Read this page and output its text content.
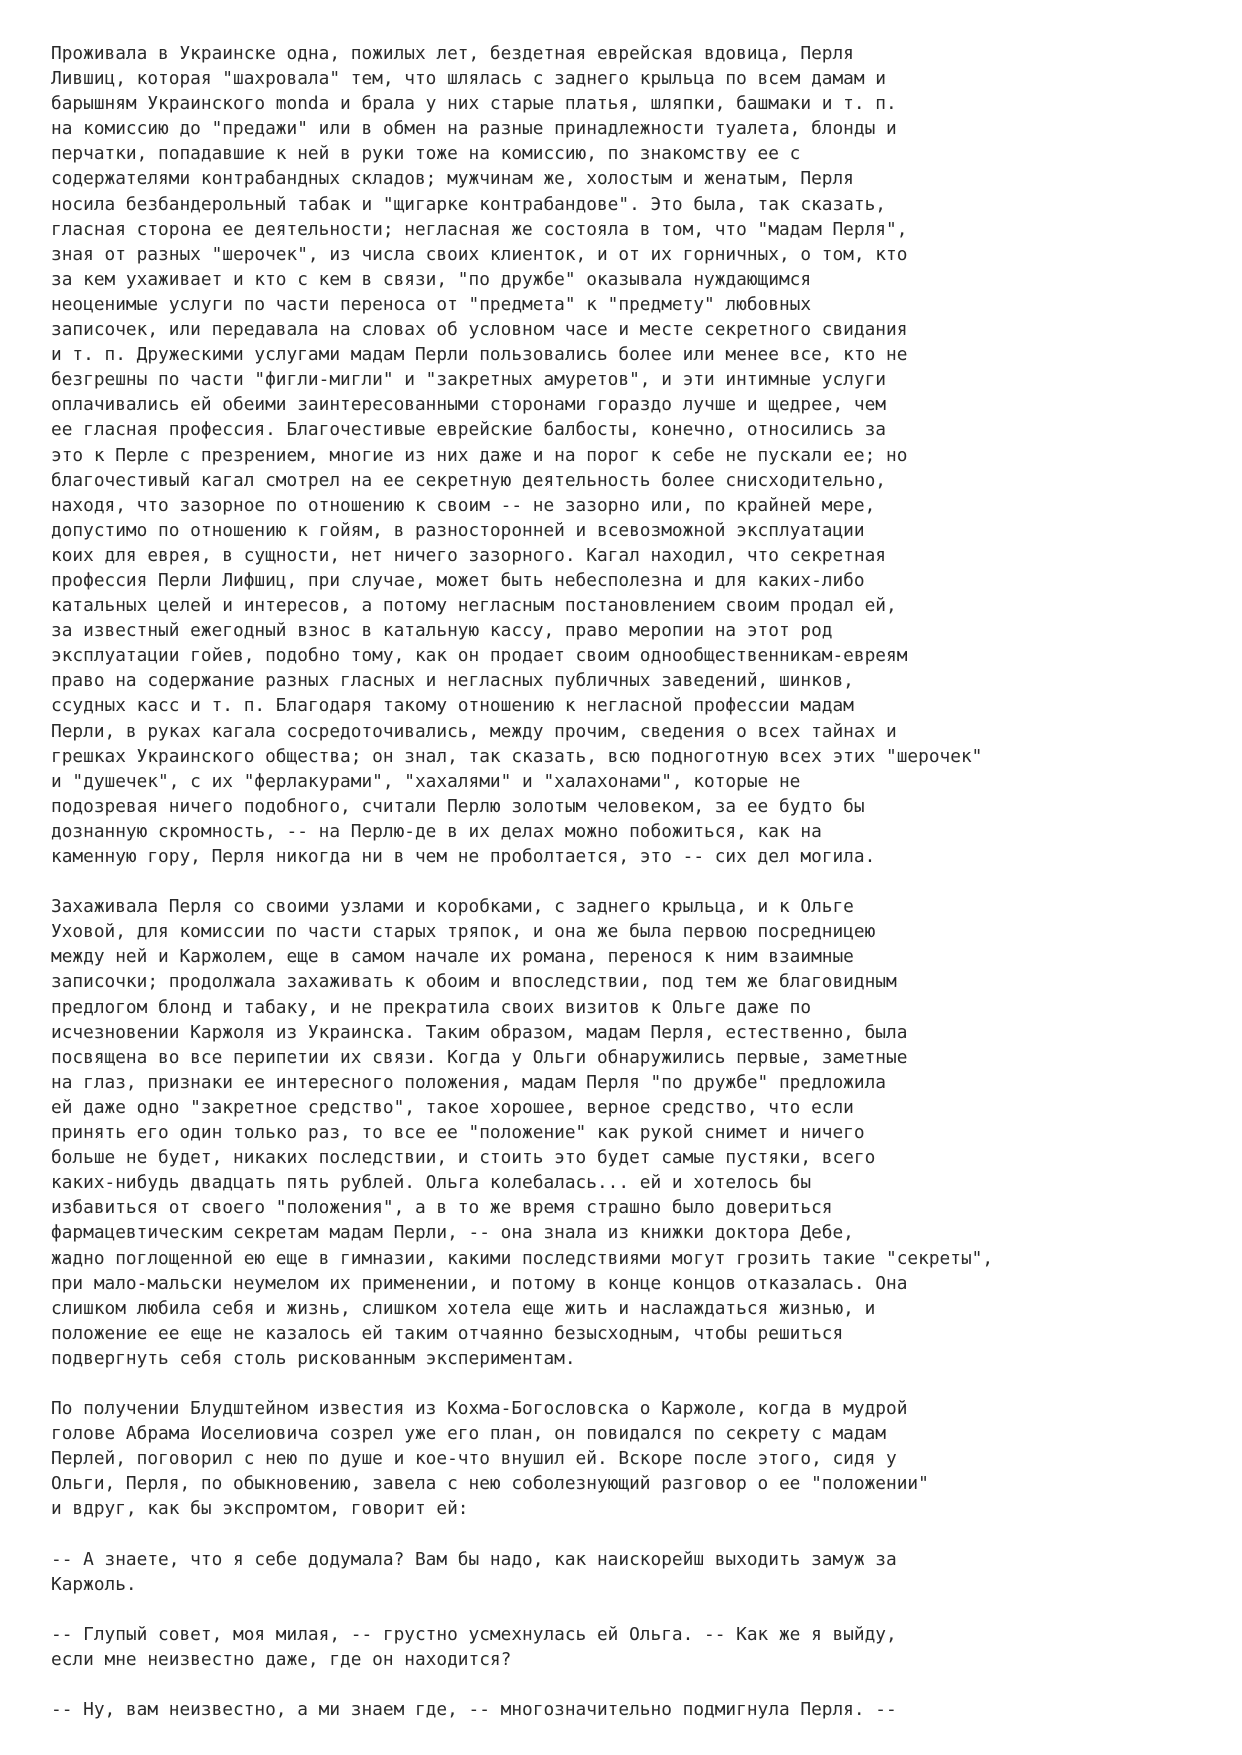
Проживала в Украинске одна, пожилых лет, бездетная еврейская вдовица, Перля
Лившиц, которая "шахровала" тем, что шлялась с заднего крыльца по всем дамам и
барышням Украинского monda и брала у них старые платья, шляпки, башмаки и т. п.
на комиссию до "предажи" или в обмен на разные принадлежности туалета, блонды и
перчатки, попадавшие к ней в руки тоже на комиссию, по знакомству ее с
содержателями контрабандных складов; мужчинам же, холостым и женатым, Перля
носила безбандерольный табак и "щигарке контрабандове". Это была, так сказать,
гласная сторона ее деятельности; негласная же состояла в том, что "мадам Перля",
зная от разных "шерочек", из числа своих клиенток, и от их горничных, о том, кто
за кем ухаживает и кто с кем в связи, "по дружбе" оказывала нуждающимся
неоценимые услуги по части переноса от "предмета" к "предмету" любовных
записочек, или передавала на словах об условном часе и месте секретного свидания
и т. п. Дружескими услугами мадам Перли пользовались более или менее все, кто не
безгрешны по части "фигли-мигли" и "закретных амуретов", и эти интимные услуги
оплачивались ей обеими заинтересованными сторонами гораздо лучше и щедрее, чем
ее гласная профессия. Благочестивые еврейские балбосты, конечно, относились за
это к Перле с презрением, многие из них даже и на порог к себе не пускали ее; но
благочестивый кагал смотрел на ее секретную деятельность более снисходительно,
находя, что зазорное по отношению к своим -- не зазорно или, по крайней мере,
допустимо по отношению к гойям, в разносторонней и всевозможной эксплуатации
коих для еврея, в сущности, нет ничего зазорного. Кагал находил, что секретная
профессия Перли Лифшиц, при случае, может быть небесполезна и для каких-либо
катальных целей и интересов, а потому негласным постановлением своим продал ей,
за известный ежегодный взнос в катальную кассу, право меропии на этот род
эксплуатации гойев, подобно тому, как он продает своим однообщественникам-евреям
право на содержание разных гласных и негласных публичных заведений, шинков,
ссудных касс и т. п. Благодаря такому отношению к негласной профессии мадам
Перли, в руках кагала сосредоточивались, между прочим, сведения о всех тайнах и
грешках Украинского общества; он знал, так сказать, всю подноготную всех этих "шерочек"
и "душечек", с их "ферлакурами", "хахалями" и "халахонами", которые не
подозревая ничего подобного, считали Перлю золотым человеком, за ее будто бы
дознанную скромность, -- на Перлю-де в их делах можно побожиться, как на
каменную гору, Перля никогда ни в чем не проболтается, это -- сих дел могила.
Захаживала Перля со своими узлами и коробками, с заднего крыльца, и к Ольге
Уховой, для комиссии по части старых тряпок, и она же была первою посредницею
между ней и Каржолем, еще в самом начале их романа, перенося к ним взаимные
записочки; продолжала захаживать к обоим и впоследствии, под тем же благовидным
предлогом блонд и табаку, и не прекратила своих визитов к Ольге даже по
исчезновении Каржоля из Украинска. Таким образом, мадам Перля, естественно, была
посвящена во все перипетии их связи. Когда у Ольги обнаружились первые, заметные
на глаз, признаки ее интересного положения, мадам Перля "по дружбе" предложила
ей даже одно "закретное средство", такое хорошее, верное средство, что если
принять его один только раз, то все ее "положение" как рукой снимет и ничего
больше не будет, никаких последствии, и стоить это будет самые пустяки, всего
каких-нибудь двадцать пять рублей. Ольга колебалась... ей и хотелось бы
избавиться от своего "положения", а в то же время страшно было довериться
фармацевтическим секретам мадам Перли, -- она знала из книжки доктора Дебе,
жадно поглощенной ею еще в гимназии, какими последствиями могут грозить такие "секреты",
при мало-мальски неумелом их применении, и потому в конце концов отказалась. Она
слишком любила себя и жизнь, слишком хотела еще жить и наслаждаться жизнью, и
положение ее еще не казалось ей таким отчаянно безысходным, чтобы решиться
подвергнуть себя столь рискованным экспериментам.
По получении Блудштейном известия из Кохма-Богословска о Каржоле, когда в мудрой
голове Абрама Иоселиовича созрел уже его план, он повидался по секрету с мадам
Перлей, поговорил с нею по душе и кое-что внушил ей. Вскоре после этого, сидя у
Ольги, Перля, по обыкновению, завела с нею соболезнующий разговор о ее "положении"
и вдруг, как бы экспромтом, говорит ей:
-- А знаете, что я себе додумала? Вам бы надо, как наискорейш выходить замуж за
Каржоль.
-- Глупый совет, моя милая, -- грустно усмехнулась ей Ольга. -- Как же я выйду,
если мне неизвестно даже, где он находится?
-- Ну, вам неизвестно, а ми знаем где, -- многозначительно подмигнула Перля. --
